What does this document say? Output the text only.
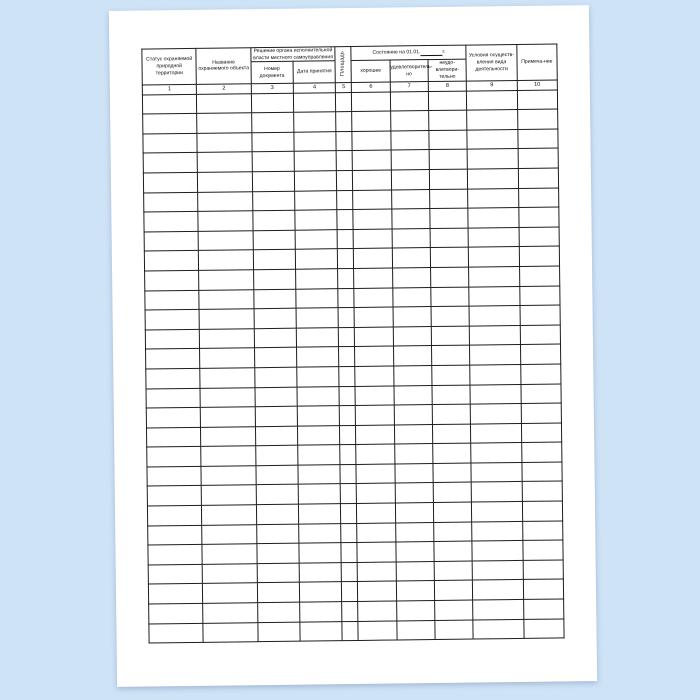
Статус охраняемой природной территории	Название охраняемого объекта	Решение органа исполнительной власти местного самоуправления		Площадь	Состояние на 01.01. г.			Условия осуществ-вления вида деятельности	Примеча-ние
		Номер документа	Дата принятия		хорошее	удовлетворитель-но	неудо-влетвори-тельно		

1	2	3	4	5	6	7	8	9	10
